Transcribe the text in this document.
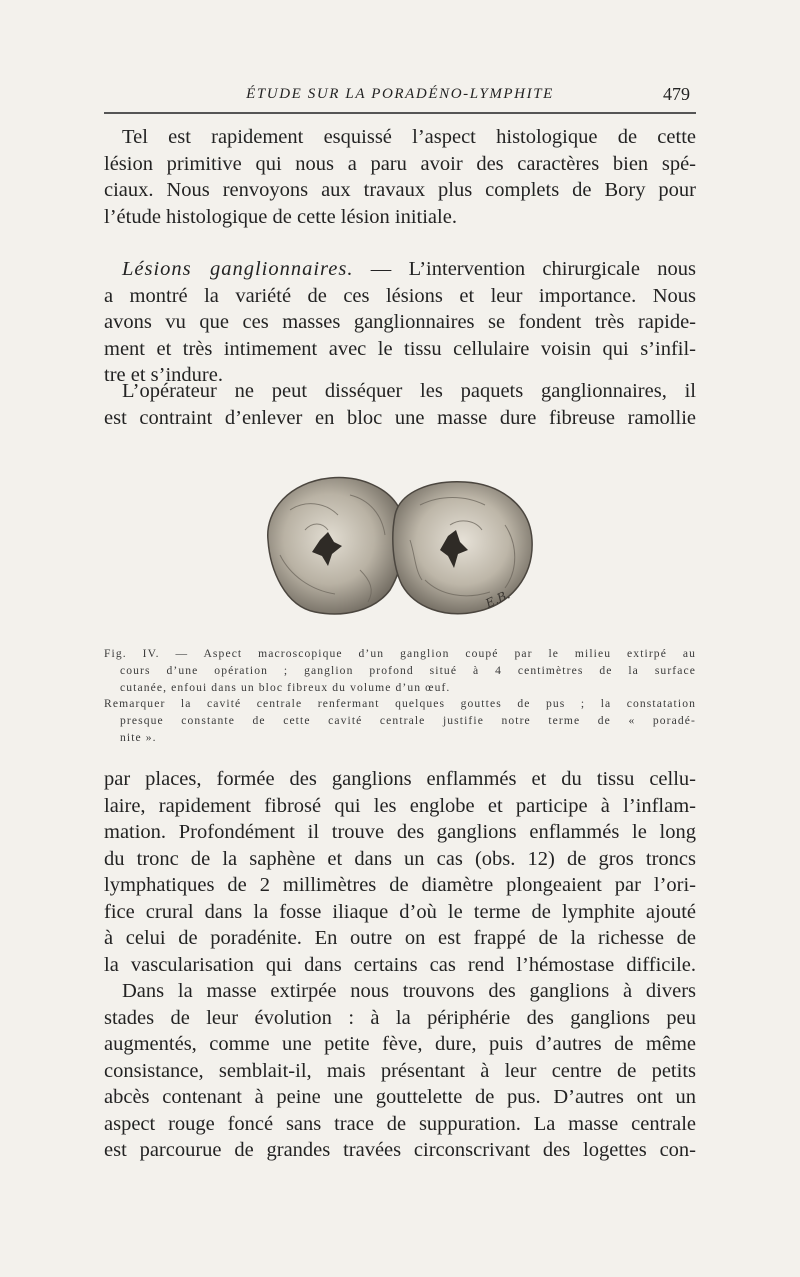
ÉTUDE SUR LA PORADÉNO-LYMPHITE	479
Tel est rapidement esquissé l’aspect histologique de cette
lésion primitive qui nous a paru avoir des caractères bien spé-
ciaux. Nous renvoyons aux travaux plus complets de Bory pour
l’étude histologique de cette lésion initiale.
Lésions ganglionnaires. — L’intervention chirurgicale nous
a montré la variété de ces lésions et leur importance. Nous
avons vu que ces masses ganglionnaires se fondent très rapide-
ment et très intimement avec le tissu cellulaire voisin qui s’infil-
tre et s’indure.
L’opérateur ne peut disséquer les paquets ganglionnaires, il
est contraint d’enlever en bloc une masse dure fibreuse ramollie
E.B.
Fig. IV. — Aspect macroscopique d’un ganglion coupé par le milieu extirpé au
cours d’une opération ; ganglion profond situé à 4 centimètres de la surface
cutanée, enfoui dans un bloc fibreux du volume d’un œuf.
Remarquer la cavité centrale renfermant quelques gouttes de pus ; la constatation
presque constante de cette cavité centrale justifie notre terme de « poradé-
nite ».
par places, formée des ganglions enflammés et du tissu cellu-
laire, rapidement fibrosé qui les englobe et participe à l’inflam-
mation. Profondément il trouve des ganglions enflammés le long
du tronc de la saphène et dans un cas (obs. 12) de gros troncs
lymphatiques de 2 millimètres de diamètre plongeaient par l’ori-
fice crural dans la fosse iliaque d’où le terme de lymphite ajouté
à celui de poradénite. En outre on est frappé de la richesse de
la vascularisation qui dans certains cas rend l’hémostase difficile.
Dans la masse extirpée nous trouvons des ganglions à divers
stades de leur évolution : à la périphérie des ganglions peu
augmentés, comme une petite fève, dure, puis d’autres de même
consistance, semblait-il, mais présentant à leur centre de petits
abcès contenant à peine une gouttelette de pus. D’autres ont un
aspect rouge foncé sans trace de suppuration. La masse centrale
est parcourue de grandes travées circonscrivant des logettes con-
